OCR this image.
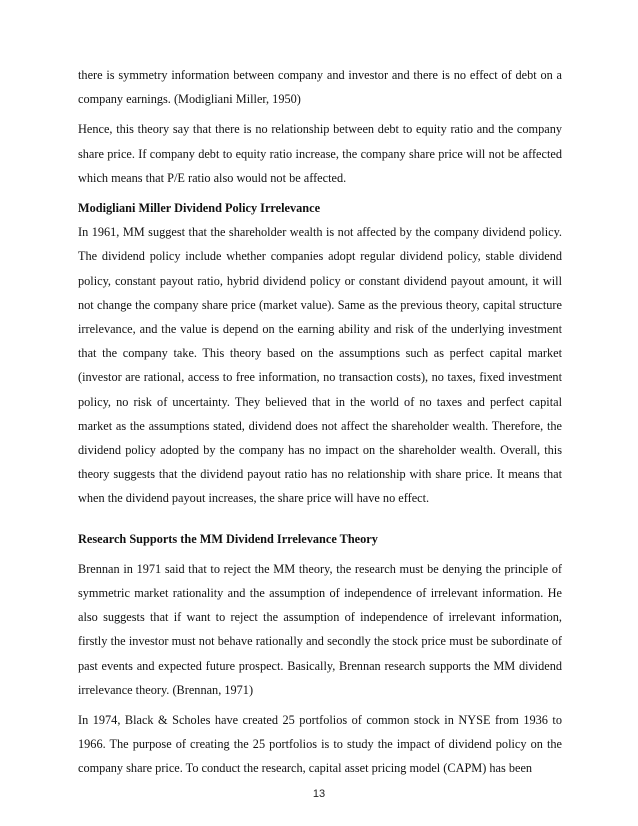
there is symmetry information between company and investor and there is no effect of debt on a company earnings. (Modigliani Miller, 1950)

Hence, this theory say that there is no relationship between debt to equity ratio and the company share price. If company debt to equity ratio increase, the company share price will not be affected which means that P/E ratio also would not be affected.

Modigliani Miller Dividend Policy Irrelevance

In 1961, MM suggest that the shareholder wealth is not affected by the company dividend policy. The dividend policy include whether companies adopt regular dividend policy, stable dividend policy, constant payout ratio, hybrid dividend policy or constant dividend payout amount, it will not change the company share price (market value). Same as the previous theory, capital structure irrelevance, and the value is depend on the earning ability and risk of the underlying investment that the company take. This theory based on the assumptions such as perfect capital market (investor are rational, access to free information, no transaction costs), no taxes, fixed investment policy, no risk of uncertainty. They believed that in the world of no taxes and perfect capital market as the assumptions stated, dividend does not affect the shareholder wealth. Therefore, the dividend policy adopted by the company has no impact on the shareholder wealth. Overall, this theory suggests that the dividend payout ratio has no relationship with share price. It means that when the dividend payout increases, the share price will have no effect.

Research Supports the MM Dividend Irrelevance Theory

Brennan in 1971 said that to reject the MM theory, the research must be denying the principle of symmetric market rationality and the assumption of independence of irrelevant information. He also suggests that if want to reject the assumption of independence of irrelevant information, firstly the investor must not behave rationally and secondly the stock price must be subordinate of past events and expected future prospect. Basically, Brennan research supports the MM dividend irrelevance theory. (Brennan, 1971)

In 1974, Black & Scholes have created 25 portfolios of common stock in NYSE from 1936 to 1966. The purpose of creating the 25 portfolios is to study the impact of dividend policy on the company share price. To conduct the research, capital asset pricing model (CAPM) has been

13
